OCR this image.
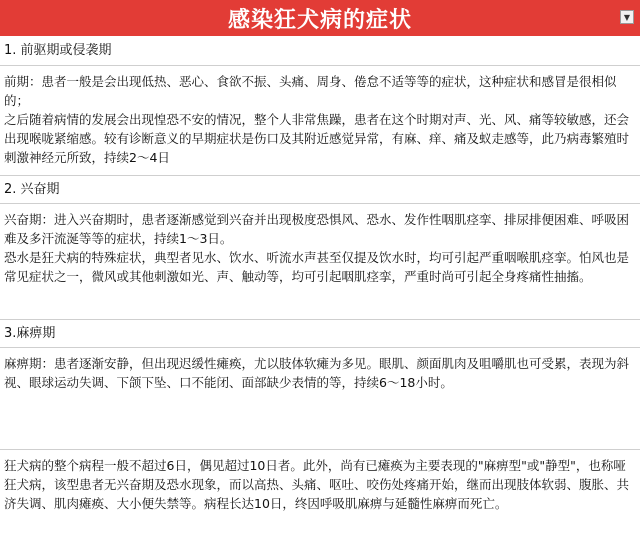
感染狂犬病的症状	▼
1. 前驱期或侵袭期

前期：患者一般是会出现低热、恶心、食欲不振、头痛、周身、倦怠不适等等的症状，这种症状和感冒是很相似的；

之后随着病情的发展会出现惶恐不安的情况，整个人非常焦躁，患者在这个时期对声、光、风、痛等较敏感，还会出现喉咙紧缩感。较有诊断意义的早期症状是伤口及其附近感觉异常，有麻、痒、痛及蚁走感等，此乃病毒繁殖时刺激神经元所致，持续2～4日

2. 兴奋期

兴奋期：进入兴奋期时，患者逐渐感觉到兴奋并出现极度恐惧风、恐水、发作性咽肌痉挛、排尿排便困难、呼吸困难及多汗流涎等等的症状，持续1～3日。

恐水是狂犬病的特殊症状，典型者见水、饮水、听流水声甚至仅提及饮水时，均可引起严重咽喉肌痉挛。怕风也是常见症状之一，微风或其他刺激如光、声、触动等，均可引起咽肌痉挛，严重时尚可引起全身疼痛性抽搐。

3.麻痹期

麻痹期：患者逐渐安静，但出现迟缓性瘫痪，尤以肢体软瘫为多见。眼肌、颜面肌肉及咀嚼肌也可受累，表现为斜视、眼球运动失调、下颌下坠、口不能闭、面部缺少表情的等，持续6～18小时。

狂犬病的整个病程一般不超过6日，偶见超过10日者。此外，尚有已瘫痪为主要表现的"麻痹型"或"静型"，也称哑狂犬病，该型患者无兴奋期及恐水现象，而以高热、头痛、呕吐、咬伤处疼痛开始，继而出现肢体软弱、腹胀、共济失调、肌肉瘫痪、大小便失禁等。病程长达10日，终因呼吸肌麻痹与延髓性麻痹而死亡。
